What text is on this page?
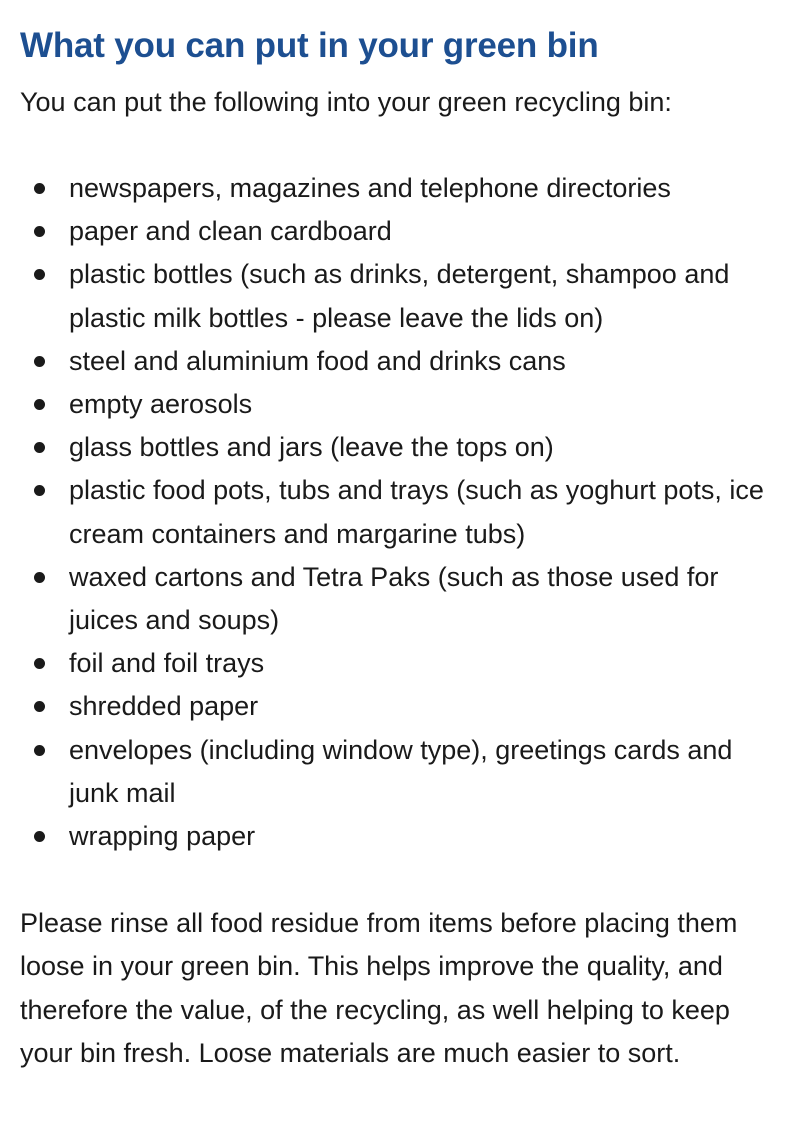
What you can put in your green bin

You can put the following into your green recycling bin:

newspapers, magazines and telephone directories
paper and clean cardboard
plastic bottles (such as drinks, detergent, shampoo and plastic milk bottles - please leave the lids on)
steel and aluminium food and drinks cans
empty aerosols
glass bottles and jars (leave the tops on)
plastic food pots, tubs and trays (such as yoghurt pots, ice cream containers and margarine tubs)
waxed cartons and Tetra Paks (such as those used for juices and soups)
foil and foil trays
shredded paper
envelopes (including window type), greetings cards and junk mail
wrapping paper

Please rinse all food residue from items before placing them loose in your green bin. This helps improve the quality, and therefore the value, of the recycling, as well helping to keep your bin fresh. Loose materials are much easier to sort.
